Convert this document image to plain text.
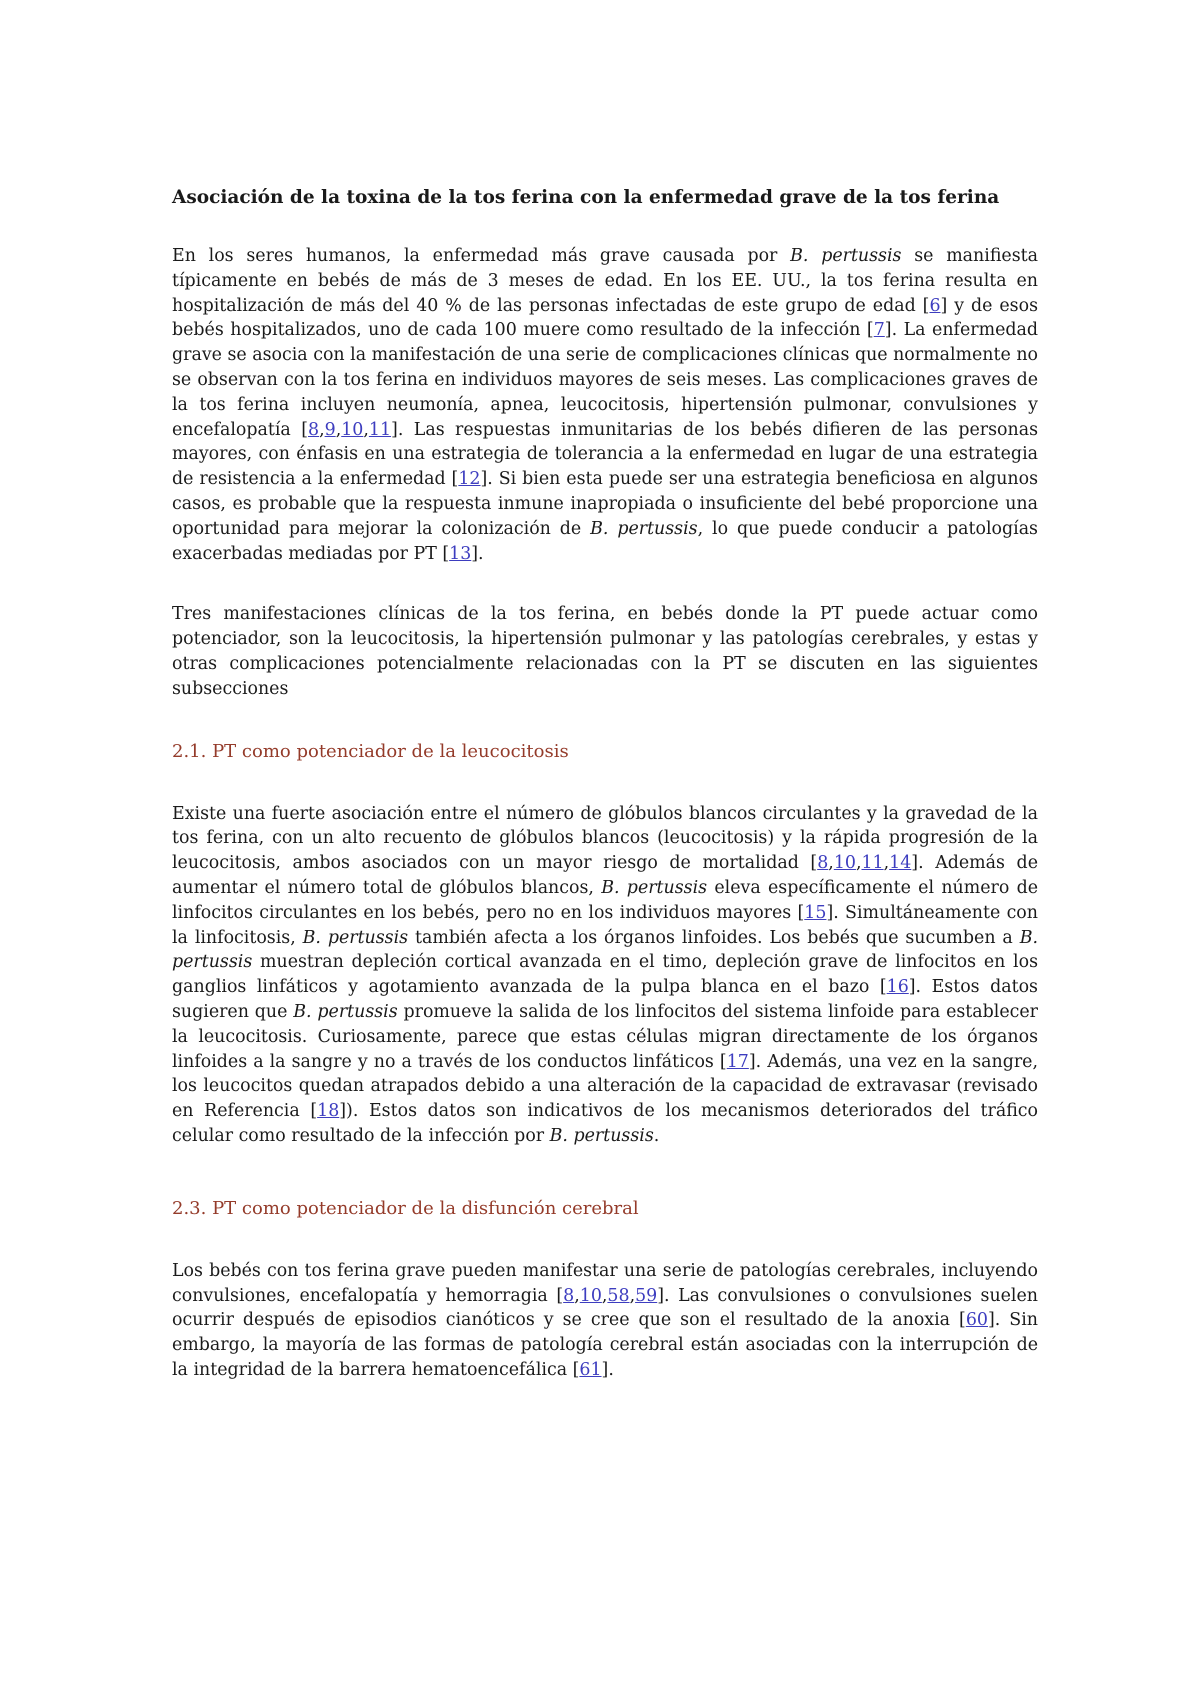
Asociación de la toxina de la tos ferina con la enfermedad grave de la tos ferina

En los seres humanos, la enfermedad más grave causada por B. pertussis se manifiesta típicamente en bebés de más de 3 meses de edad. En los EE. UU., la tos ferina resulta en hospitalización de más del 40 % de las personas infectadas de este grupo de edad [6] y de esos bebés hospitalizados, uno de cada 100 muere como resultado de la infección [7]. La enfermedad grave se asocia con la manifestación de una serie de complicaciones clínicas que normalmente no se observan con la tos ferina en individuos mayores de seis meses. Las complicaciones graves de la tos ferina incluyen neumonía, apnea, leucocitosis, hipertensión pulmonar, convulsiones y encefalopatía [8,9,10,11]. Las respuestas inmunitarias de los bebés difieren de las personas mayores, con énfasis en una estrategia de tolerancia a la enfermedad en lugar de una estrategia de resistencia a la enfermedad [12]. Si bien esta puede ser una estrategia beneficiosa en algunos casos, es probable que la respuesta inmune inapropiada o insuficiente del bebé proporcione una oportunidad para mejorar la colonización de B. pertussis, lo que puede conducir a patologías exacerbadas mediadas por PT [13].

Tres manifestaciones clínicas de la tos ferina, en bebés donde la PT puede actuar como potenciador, son la leucocitosis, la hipertensión pulmonar y las patologías cerebrales, y estas y otras complicaciones potencialmente relacionadas con la PT se discuten en las siguientes subsecciones

2.1. PT como potenciador de la leucocitosis

Existe una fuerte asociación entre el número de glóbulos blancos circulantes y la gravedad de la tos ferina, con un alto recuento de glóbulos blancos (leucocitosis) y la rápida progresión de la leucocitosis, ambos asociados con un mayor riesgo de mortalidad [8,10,11,14]. Además de aumentar el número total de glóbulos blancos, B. pertussis eleva específicamente el número de linfocitos circulantes en los bebés, pero no en los individuos mayores [15]. Simultáneamente con la linfocitosis, B. pertussis también afecta a los órganos linfoides. Los bebés que sucumben a B. pertussis muestran depleción cortical avanzada en el timo, depleción grave de linfocitos en los ganglios linfáticos y agotamiento avanzada de la pulpa blanca en el bazo [16]. Estos datos sugieren que B. pertussis promueve la salida de los linfocitos del sistema linfoide para establecer la leucocitosis. Curiosamente, parece que estas células migran directamente de los órganos linfoides a la sangre y no a través de los conductos linfáticos [17]. Además, una vez en la sangre, los leucocitos quedan atrapados debido a una alteración de la capacidad de extravasar (revisado en Referencia [18]). Estos datos son indicativos de los mecanismos deteriorados del tráfico celular como resultado de la infección por B. pertussis.

2.3. PT como potenciador de la disfunción cerebral

Los bebés con tos ferina grave pueden manifestar una serie de patologías cerebrales, incluyendo convulsiones, encefalopatía y hemorragia [8,10,58,59]. Las convulsiones o convulsiones suelen ocurrir después de episodios cianóticos y se cree que son el resultado de la anoxia [60]. Sin embargo, la mayoría de las formas de patología cerebral están asociadas con la interrupción de la integridad de la barrera hematoencefálica [61].
